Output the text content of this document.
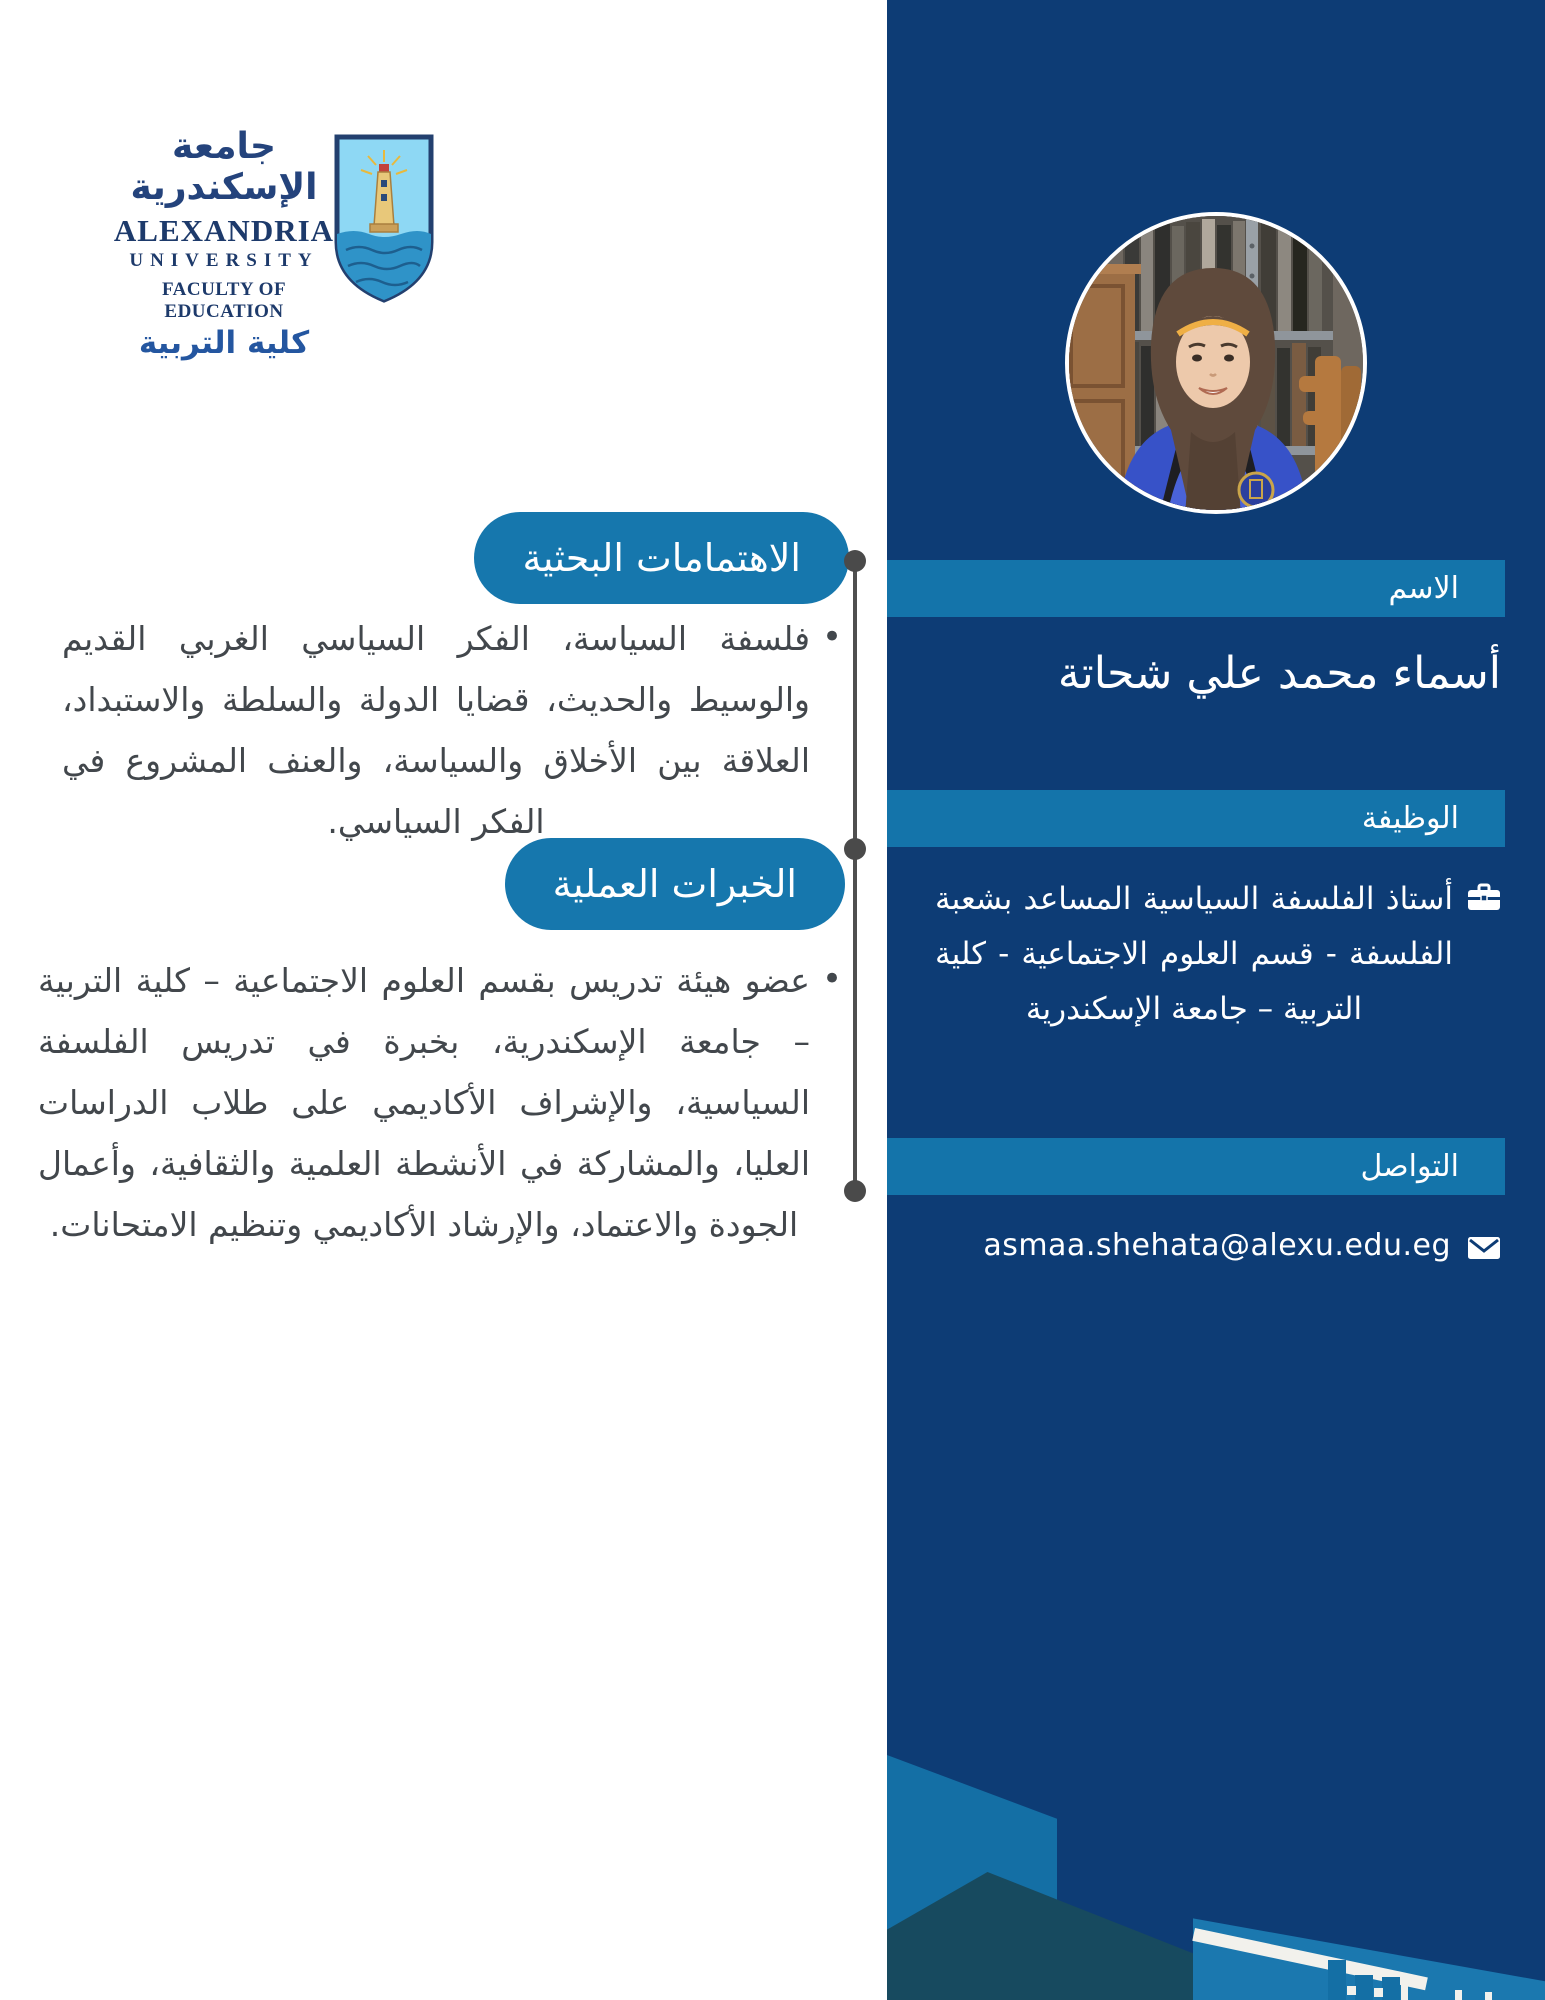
جامعة الإسكندرية
ALEXANDRIA
UNIVERSITY
FACULTY OF EDUCATION
كلية التربية
الاهتمامات البحثية
•
فلسفة السياسة، الفكر السياسي الغربي القديم والوسيط والحديث، قضايا الدولة والسلطة والاستبداد، العلاقة بين الأخلاق والسياسة، والعنف المشروع في الفكر السياسي.
الخبرات العملية
•
عضو هيئة تدريس بقسم العلوم الاجتماعية – كلية التربية – جامعة الإسكندرية، بخبرة في تدريس الفلسفة السياسية، والإشراف الأكاديمي على طلاب الدراسات العليا، والمشاركة في الأنشطة العلمية والثقافية، وأعمال الجودة والاعتماد، والإرشاد الأكاديمي وتنظيم الامتحانات.
الاسم
أسماء محمد علي شحاتة
الوظيفة
أستاذ الفلسفة السياسية المساعد بشعبة الفلسفة - قسم العلوم الاجتماعية - كلية التربية – جامعة الإسكندرية
التواصل
asmaa.shehata@alexu.edu.eg
